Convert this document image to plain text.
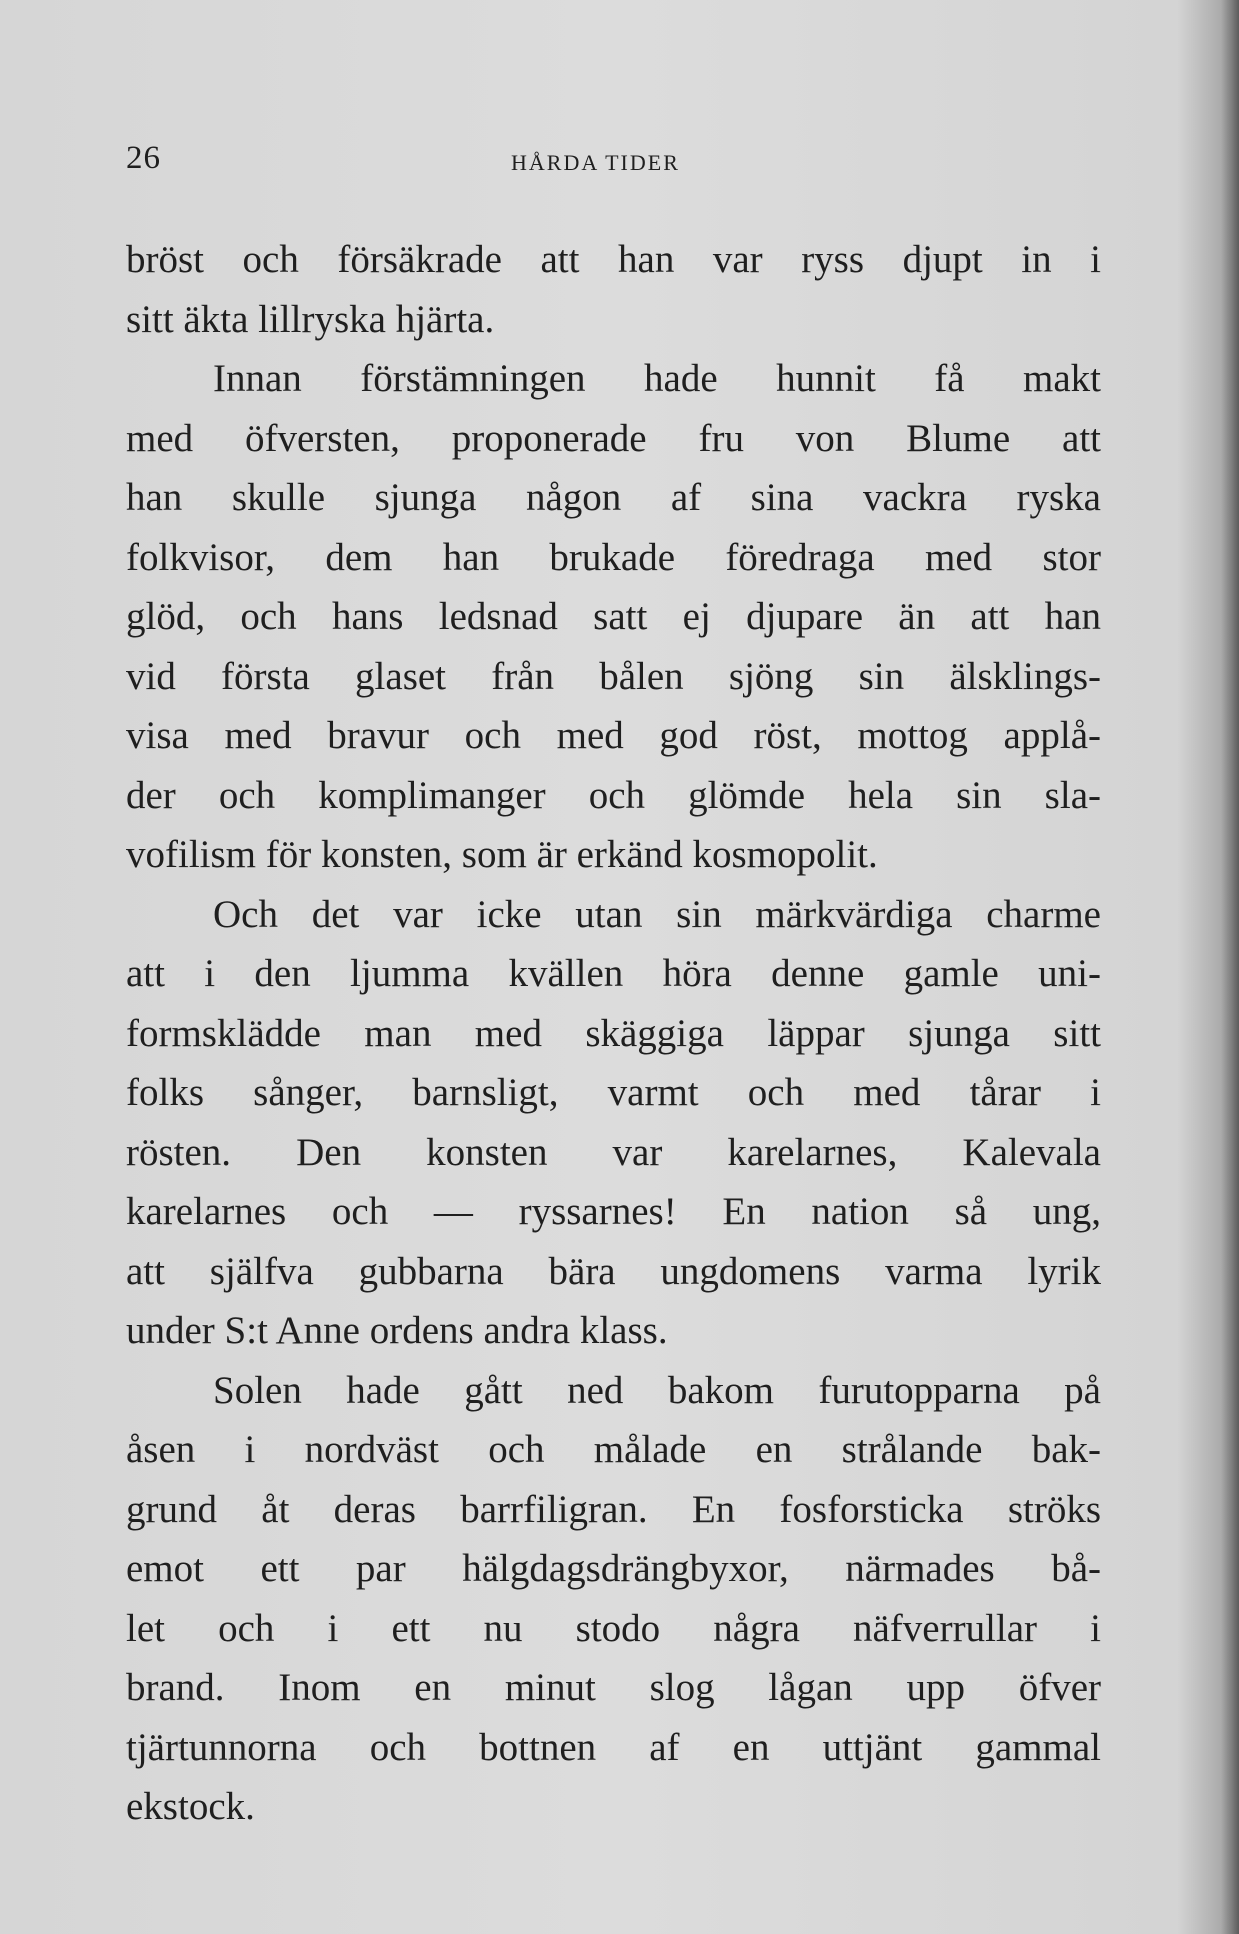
26	HÅRDA TIDER
bröst och försäkrade att han var ryss djupt in i
sitt äkta lillryska hjärta.
Innan förstämningen hade hunnit få makt
med öfversten, proponerade fru von Blume att
han skulle sjunga någon af sina vackra ryska
folkvisor, dem han brukade föredraga med stor
glöd, och hans ledsnad satt ej djupare än att han
vid första glaset från bålen sjöng sin älsklings-
visa med bravur och med god röst, mottog applå-
der och komplimanger och glömde hela sin sla-
vofilism för konsten, som är erkänd kosmopolit.
Och det var icke utan sin märkvärdiga charme
att i den ljumma kvällen höra denne gamle uni-
formsklädde man med skäggiga läppar sjunga sitt
folks sånger, barnsligt, varmt och med tårar i
rösten. Den konsten var karelarnes, Kalevala
karelarnes och — ryssarnes! En nation så ung,
att själfva gubbarna bära ungdomens varma lyrik
under S:t Anne ordens andra klass.
Solen hade gått ned bakom furutopparna på
åsen i nordväst och målade en strålande bak-
grund åt deras barrfiligran. En fosforsticka ströks
emot ett par hälgdagsdrängbyxor, närmades bå-
let och i ett nu stodo några näfverrullar i
brand. Inom en minut slog lågan upp öfver
tjärtunnorna och bottnen af en uttjänt gammal
ekstock.
